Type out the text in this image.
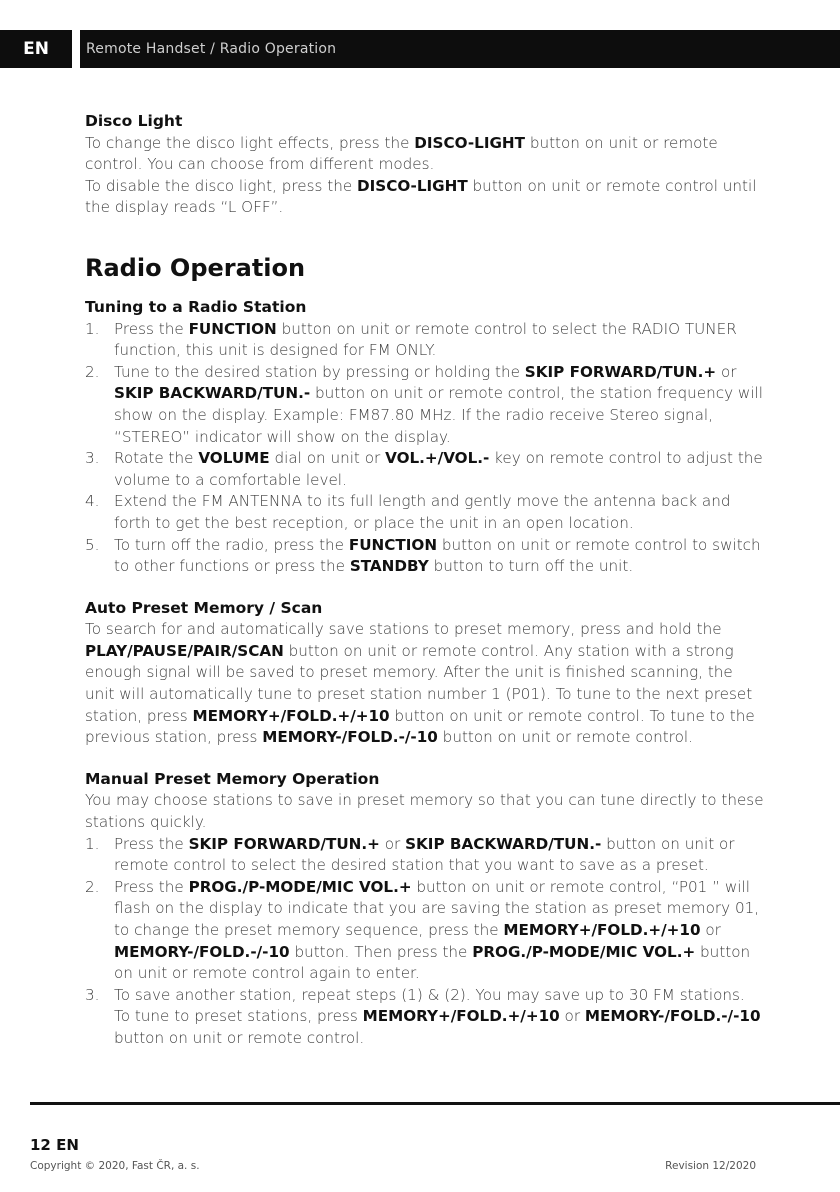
EN	Remote Handset / Radio Operation
Disco Light

To change the disco light effects, press the DISCO-LIGHT button on unit or remote control. You can choose from different modes.

To disable the disco light, press the DISCO-LIGHT button on unit or remote control until the display reads “L OFF”.

Radio Operation
Tuning to a Radio Station
1. Press the FUNCTION button on unit or remote control to select the RADIO TUNER function, this unit is designed for FM ONLY.
2. Tune to the desired station by pressing or holding the SKIP FORWARD/TUN.+ or SKIP BACKWARD/TUN.- button on unit or remote control, the station frequency will show on the display. Example: FM87.80 MHz. If the radio receive Stereo signal, “STEREO” indicator will show on the display.
3. Rotate the VOLUME dial on unit or VOL.+/VOL.- key on remote control to adjust the volume to a comfortable level.
4. Extend the FM ANTENNA to its full length and gently move the antenna back and forth to get the best reception, or place the unit in an open location.
5. To turn off the radio, press the FUNCTION button on unit or remote control to switch to other functions or press the STANDBY button to turn off the unit.
Auto Preset Memory / Scan

To search for and automatically save stations to preset memory, press and hold the PLAY/PAUSE/PAIR/SCAN button on unit or remote control. Any station with a strong enough signal will be saved to preset memory. After the unit is finished scanning, the unit will automatically tune to preset station number 1 (P01). To tune to the next preset station, press MEMORY+/FOLD.+/+10 button on unit or remote control. To tune to the previous station, press MEMORY-/FOLD.-/-10 button on unit or remote control.

Manual Preset Memory Operation

You may choose stations to save in preset memory so that you can tune directly to these stations quickly.

1. Press the SKIP FORWARD/TUN.+ or SKIP BACKWARD/TUN.- button on unit or remote control to select the desired station that you want to save as a preset.
2. Press the PROG./P-MODE/MIC VOL.+ button on unit or remote control, “P01 ” will flash on the display to indicate that you are saving the station as preset memory 01, to change the preset memory sequence, press the MEMORY+/FOLD.+/+10 or MEMORY-/FOLD.-/-10 button. Then press the PROG./P-MODE/MIC VOL.+ button on unit or remote control again to enter.
3. To save another station, repeat steps (1) & (2). You may save up to 30 FM stations. To tune to preset stations, press MEMORY+/FOLD.+/+10 or MEMORY-/FOLD.-/-10 button on unit or remote control.
12 EN
Copyright © 2020, Fast ČR, a. s.	Revision 12/2020
